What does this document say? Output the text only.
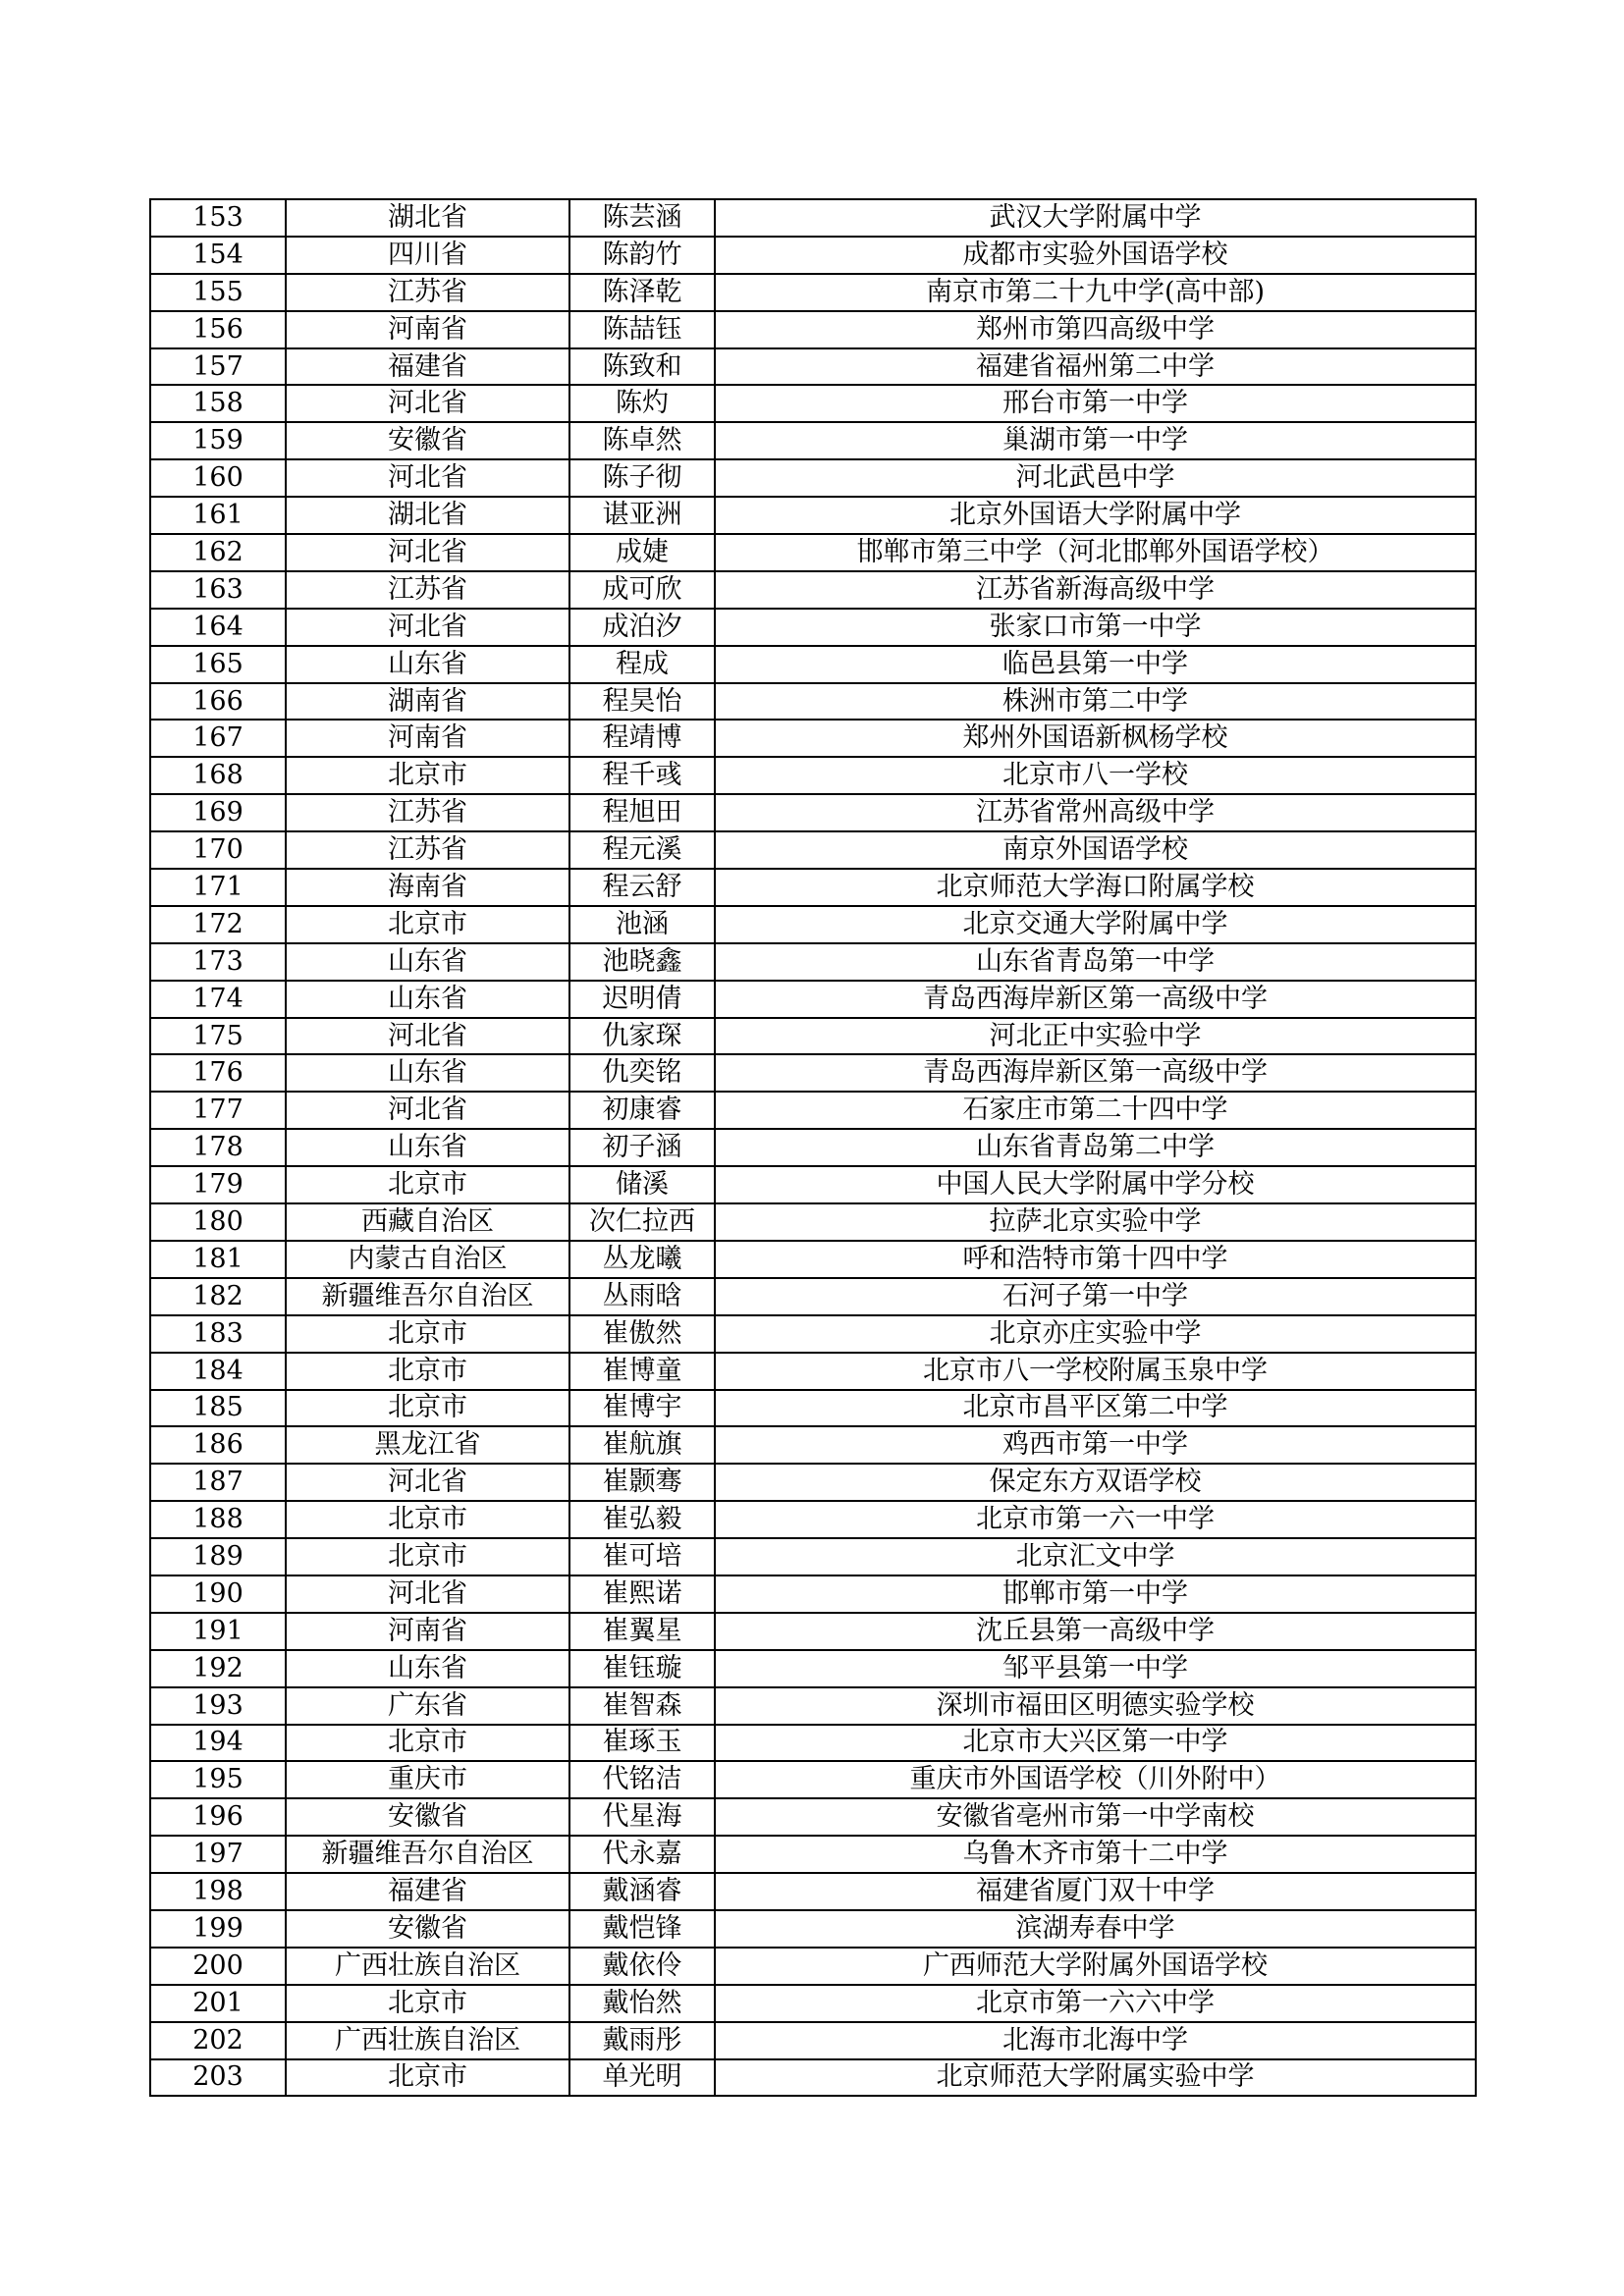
153	湖北省	陈芸涵	武汉大学附属中学
154	四川省	陈韵竹	成都市实验外国语学校
155	江苏省	陈泽乾	南京市第二十九中学(高中部)
156	河南省	陈喆钰	郑州市第四高级中学
157	福建省	陈致和	福建省福州第二中学
158	河北省	陈灼	邢台市第一中学
159	安徽省	陈卓然	巢湖市第一中学
160	河北省	陈子彻	河北武邑中学
161	湖北省	谌亚洲	北京外国语大学附属中学
162	河北省	成婕	邯郸市第三中学（河北邯郸外国语学校）
163	江苏省	成可欣	江苏省新海高级中学
164	河北省	成泊汐	张家口市第一中学
165	山东省	程成	临邑县第一中学
166	湖南省	程昊怡	株洲市第二中学
167	河南省	程靖博	郑州外国语新枫杨学校
168	北京市	程千彧	北京市八一学校
169	江苏省	程旭田	江苏省常州高级中学
170	江苏省	程元溪	南京外国语学校
171	海南省	程云舒	北京师范大学海口附属学校
172	北京市	池涵	北京交通大学附属中学
173	山东省	池晓鑫	山东省青岛第一中学
174	山东省	迟明倩	青岛西海岸新区第一高级中学
175	河北省	仇家琛	河北正中实验中学
176	山东省	仇奕铭	青岛西海岸新区第一高级中学
177	河北省	初康睿	石家庄市第二十四中学
178	山东省	初子涵	山东省青岛第二中学
179	北京市	储溪	中国人民大学附属中学分校
180	西藏自治区	次仁拉西	拉萨北京实验中学
181	内蒙古自治区	丛龙曦	呼和浩特市第十四中学
182	新疆维吾尔自治区	丛雨晗	石河子第一中学
183	北京市	崔傲然	北京亦庄实验中学
184	北京市	崔博童	北京市八一学校附属玉泉中学
185	北京市	崔博宇	北京市昌平区第二中学
186	黑龙江省	崔航旗	鸡西市第一中学
187	河北省	崔颢骞	保定东方双语学校
188	北京市	崔弘毅	北京市第一六一中学
189	北京市	崔可培	北京汇文中学
190	河北省	崔熙诺	邯郸市第一中学
191	河南省	崔翼星	沈丘县第一高级中学
192	山东省	崔钰璇	邹平县第一中学
193	广东省	崔智森	深圳市福田区明德实验学校
194	北京市	崔琢玉	北京市大兴区第一中学
195	重庆市	代铭洁	重庆市外国语学校（川外附中）
196	安徽省	代星海	安徽省亳州市第一中学南校
197	新疆维吾尔自治区	代永嘉	乌鲁木齐市第十二中学
198	福建省	戴涵睿	福建省厦门双十中学
199	安徽省	戴恺锋	滨湖寿春中学
200	广西壮族自治区	戴依伶	广西师范大学附属外国语学校
201	北京市	戴怡然	北京市第一六六中学
202	广西壮族自治区	戴雨彤	北海市北海中学
203	北京市	单光明	北京师范大学附属实验中学
